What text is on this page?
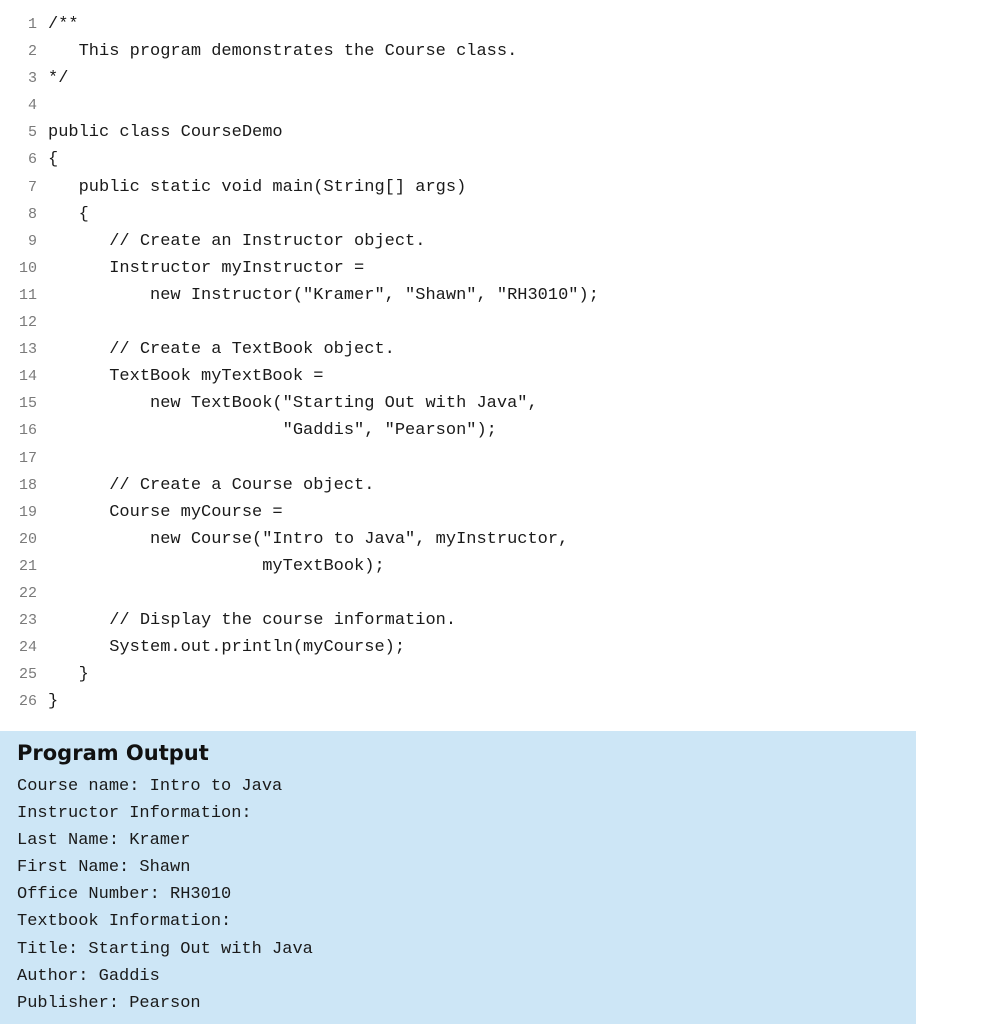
1 /**
2 This program demonstrates the Course class.
3 */
4
5 public class CourseDemo
6 {
7 public static void main(String[] args)
8 {
9 // Create an Instructor object.
10 Instructor myInstructor =
11 new Instructor("Kramer", "Shawn", "RH3010");
12
13 // Create a TextBook object.
14 TextBook myTextBook =
15 new TextBook("Starting Out with Java",
16 "Gaddis", "Pearson");
17
18 // Create a Course object.
19 Course myCourse =
20 new Course("Intro to Java", myInstructor,
21 myTextBook);
22
23 // Display the course information.
24 System.out.println(myCourse);
25 }
26 }
Program Output
Course name: Intro to Java
Instructor Information:
Last Name: Kramer
First Name: Shawn
Office Number: RH3010
Textbook Information:
Title: Starting Out with Java
Author: Gaddis
Publisher: Pearson
